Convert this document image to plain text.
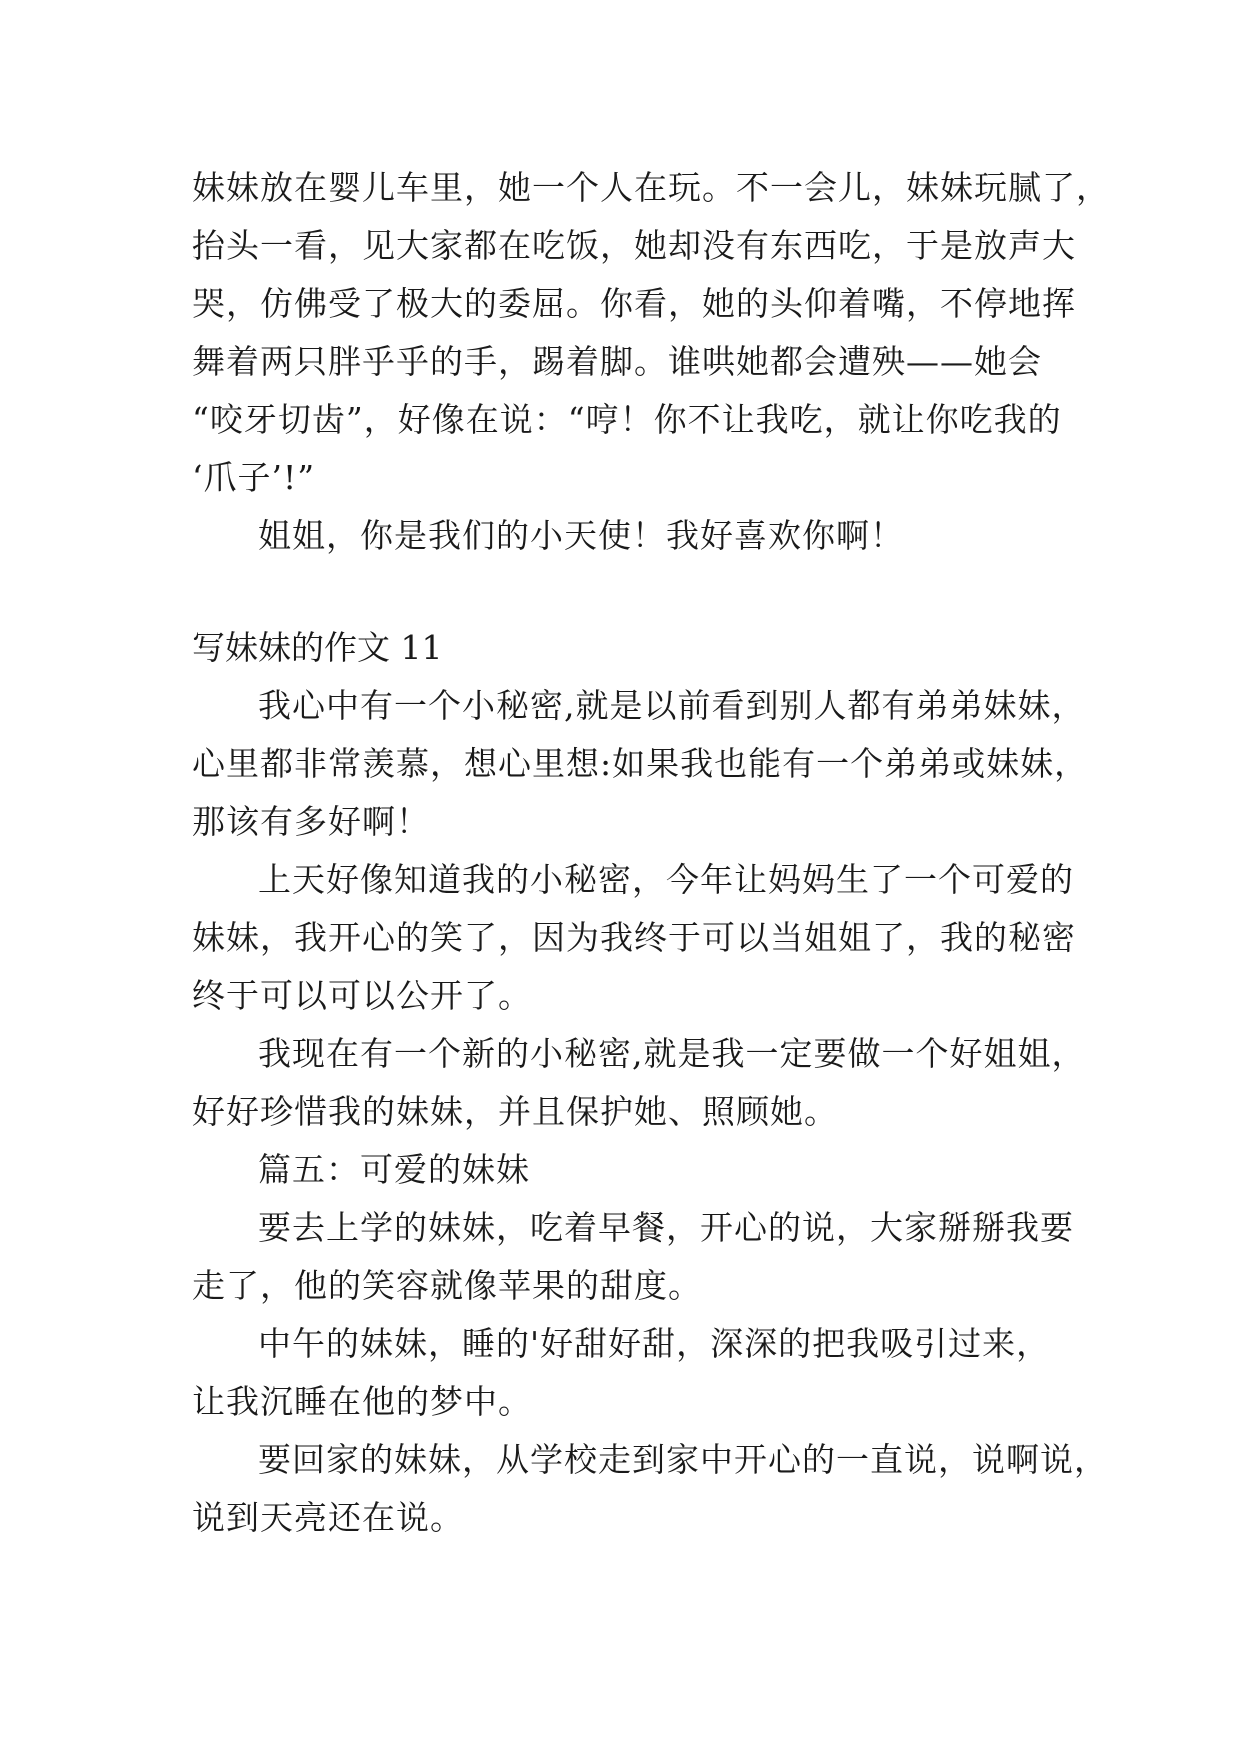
妹妹放在婴儿车里，她一个人在玩。不一会儿，妹妹玩腻了，
抬头一看，见大家都在吃饭，她却没有东西吃，于是放声大
哭，仿佛受了极大的委屈。你看，她的头仰着嘴，不停地挥
舞着两只胖乎乎的手，踢着脚。谁哄她都会遭殃——她会
“咬牙切齿”，好像在说：“哼！你不让我吃，就让你吃我的
‘爪子’!”
姐姐，你是我们的小天使！我好喜欢你啊！
写妹妹的作文 11
我心中有一个小秘密,就是以前看到别人都有弟弟妹妹，
心里都非常羡慕，想心里想:如果我也能有一个弟弟或妹妹，
那该有多好啊！
上天好像知道我的小秘密，今年让妈妈生了一个可爱的
妹妹，我开心的笑了，因为我终于可以当姐姐了，我的秘密
终于可以可以公开了。
我现在有一个新的小秘密,就是我一定要做一个好姐姐，
好好珍惜我的妹妹，并且保护她、照顾她。
篇五：可爱的妹妹
要去上学的妹妹，吃着早餐，开心的说，大家掰掰我要
走了，他的笑容就像苹果的甜度。
中午的妹妹，睡的'好甜好甜，深深的把我吸引过来，
让我沉睡在他的梦中。
要回家的妹妹，从学校走到家中开心的一直说，说啊说，
说到天亮还在说。
